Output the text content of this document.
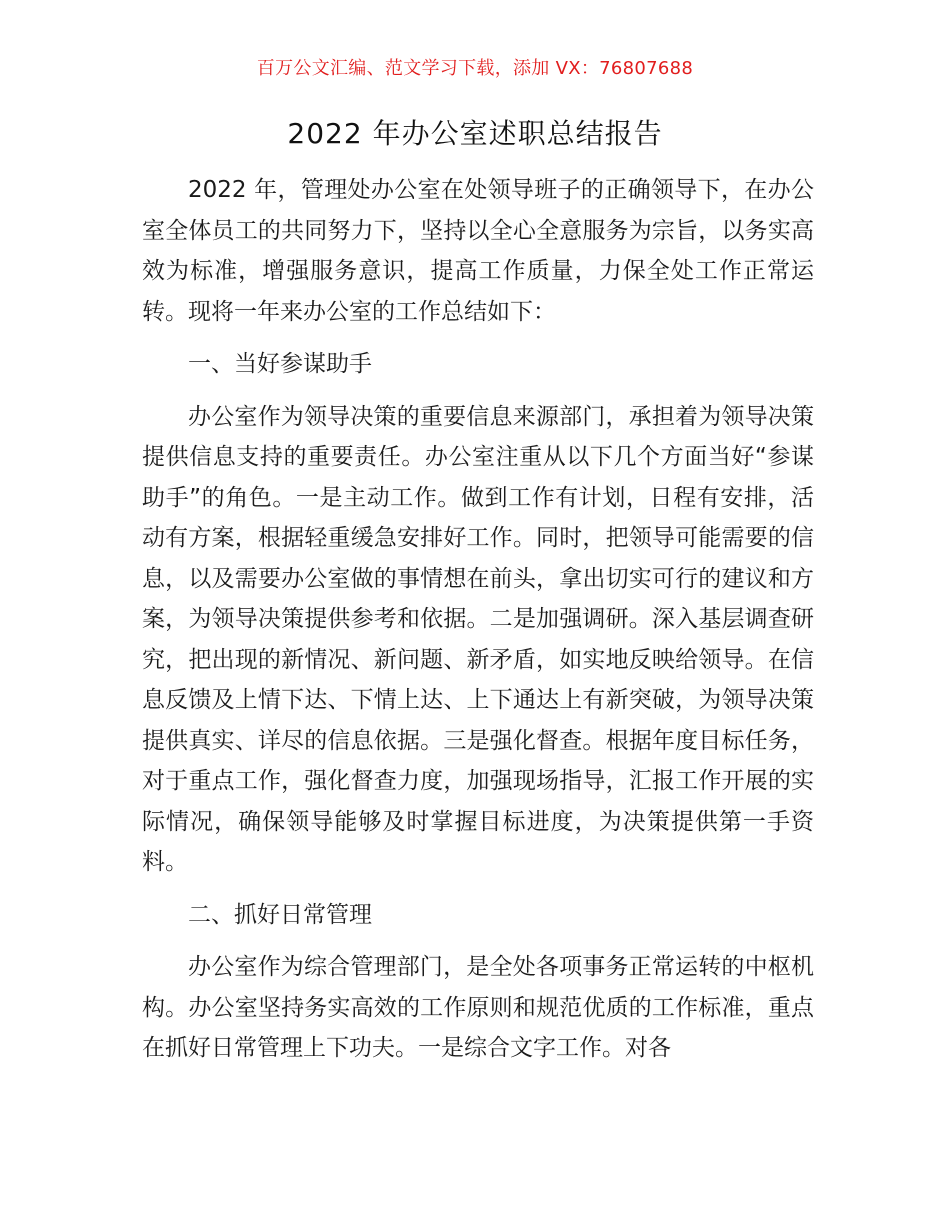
百万公文汇编、范文学习下载，添加 VX：76807688
2022 年办公室述职总结报告

2022 年，管理处办公室在处领导班子的正确领导下，在办公室全体员工的共同努力下，坚持以全心全意服务为宗旨，以务实高效为标准，增强服务意识，提高工作质量，力保全处工作正常运转。现将一年来办公室的工作总结如下：

一、当好参谋助手

办公室作为领导决策的重要信息来源部门，承担着为领导决策提供信息支持的重要责任。办公室注重从以下几个方面当好“参谋助手”的角色。一是主动工作。做到工作有计划，日程有安排，活动有方案，根据轻重缓急安排好工作。同时，把领导可能需要的信息，以及需要办公室做的事情想在前头，拿出切实可行的建议和方案，为领导决策提供参考和依据。二是加强调研。深入基层调查研究，把出现的新情况、新问题、新矛盾，如实地反映给领导。在信息反馈及上情下达、下情上达、上下通达上有新突破，为领导决策提供真实、详尽的信息依据。三是强化督查。根据年度目标任务，对于重点工作，强化督查力度，加强现场指导，汇报工作开展的实际情况，确保领导能够及时掌握目标进度，为决策提供第一手资料。

二、抓好日常管理

办公室作为综合管理部门，是全处各项事务正常运转的中枢机构。办公室坚持务实高效的工作原则和规范优质的工作标准，重点在抓好日常管理上下功夫。一是综合文字工作。对各
